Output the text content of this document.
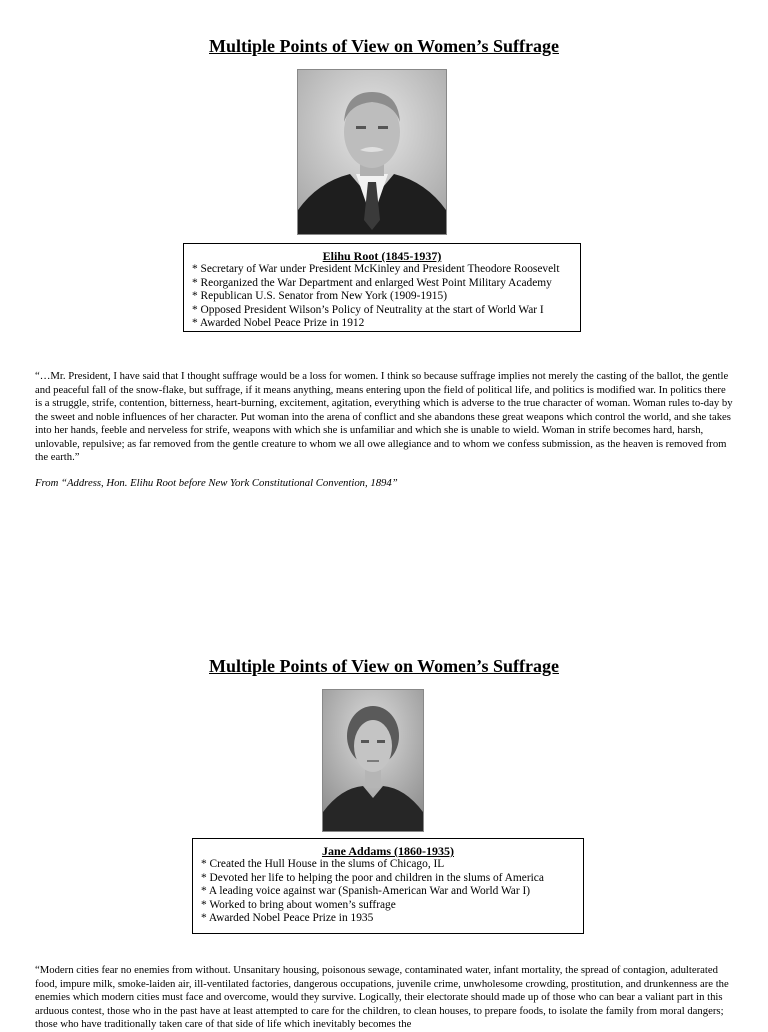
Multiple Points of View on Women’s Suffrage
Elihu Root (1845-1937)
* Secretary of War under President McKinley and President Theodore Roosevelt
* Reorganized the War Department and enlarged West Point Military Academy
* Republican U.S. Senator from New York (1909-1915)
* Opposed President Wilson’s Policy of Neutrality at the start of World War I
* Awarded Nobel Peace Prize in 1912

“…Mr. President, I have said that I thought suffrage would be a loss for women. I think so because suffrage implies not merely the casting of the ballot, the gentle and peaceful fall of the snow-flake, but suffrage, if it means anything, means entering upon the field of political life, and politics is modified war. In politics there is a struggle, strife, contention, bitterness, heart-burning, excitement, agitation, everything which is adverse to the true character of woman. Woman rules to-day by the sweet and noble influences of her character. Put woman into the arena of conflict and she abandons these great weapons which control the world, and she takes into her hands, feeble and nerveless for strife, weapons with which she is unfamiliar and which she is unable to wield. Woman in strife becomes hard, harsh, unlovable, repulsive; as far removed from the gentle creature to whom we all owe allegiance and to whom we confess submission, as the heaven is removed from the earth.”

From “Address, Hon. Elihu Root before New York Constitutional Convention, 1894”

Multiple Points of View on Women’s Suffrage
Jane Addams (1860-1935)
* Created the Hull House in the slums of Chicago, IL
* Devoted her life to helping the poor and children in the slums of America
* A leading voice against war (Spanish-American War and World War I)
* Worked to bring about women’s suffrage
* Awarded Nobel Peace Prize in 1935

“Modern cities fear no enemies from without. Unsanitary housing, poisonous sewage, contaminated water, infant mortality, the spread of contagion, adulterated food, impure milk, smoke-laiden air, ill-ventilated factories, dangerous occupations, juvenile crime, unwholesome crowding, prostitution, and drunkenness are the enemies which modern cities must face and overcome, would they survive. Logically, their electorate should made up of those who can bear a valiant part in this arduous contest, those who in the past have at least attempted to care for the children, to clean houses, to prepare foods, to isolate the family from moral dangers; those who have traditionally taken care of that side of life which inevitably becomes the
